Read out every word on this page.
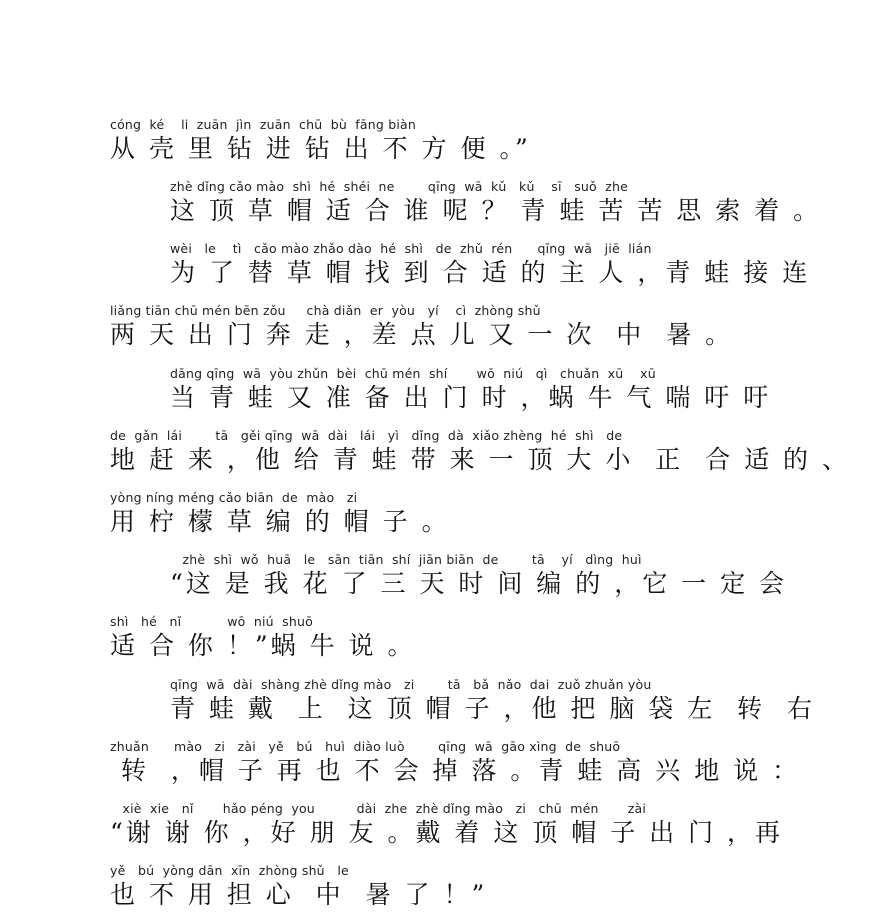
cóng  ké    li  zuān  jìn  zuān  chū  bù  fāng biàn
从 壳 里 钻 进 钻 出 不 方 便 。”
zhè dǐng cǎo mào  shì  hé  shéi  ne        qīng  wā  kǔ   kǔ    sī   suǒ  zhe
这 顶 草 帽 适 合 谁 呢 ？ 青 蛙 苦 苦 思 索 着 。
wèi   le    tì   cǎo mào zhǎo dào  hé  shì   de  zhǔ  rén      qīng  wā   jiē  lián
为 了 替 草 帽 找 到 合 适 的 主 人 ，青 蛙 接 连
liǎng tiān chū mén bēn zǒu     chà diǎn  er  yòu   yí    cì  zhòng shǔ
两 天 出 门 奔 走 ，差 点 儿 又 一 次  中  暑 。
dāng qīng  wā  yòu zhǔn  bèi  chū mén  shí       wō  niú   qì   chuǎn  xū    xū
当 青 蛙 又 准 备 出 门 时 ，蜗 牛 气 喘 吁 吁
de  gǎn  lái        tā   gěi qīng  wā  dài   lái   yì   dǐng  dà  xiǎo zhèng  hé  shì   de
地 赶 来 ，他 给 青 蛙 带 来 一 顶 大 小  正  合 适 的 、
yòng níng méng cǎo biān  de  mào   zi
用 柠 檬 草 编 的 帽 子 。
zhè  shì  wǒ  huā   le   sān  tiān  shí  jiān biān  de        tā    yí   dìng  huì
“这 是 我 花 了 三 天 时 间 编 的 ，它 一 定 会
shì   hé   nǐ           wō  niú  shuō
适 合 你 ！”蜗 牛 说 。
qīng  wā  dài  shàng zhè dǐng mào   zi        tā   bǎ  nǎo  dai  zuǒ zhuǎn yòu
青 蛙 戴  上  这 顶 帽 子 ，他 把 脑 袋 左  转  右
zhuǎn      mào   zi   zài   yě   bú   huì  diào luò        qīng  wā  gāo xìng  de  shuō
转  ，帽 子 再 也 不 会 掉 落 。青 蛙 高 兴 地 说 ：
xiè  xie   nǐ       hǎo péng  you          dài  zhe  zhè dǐng mào   zi   chū  mén       zài
“谢 谢 你 ，好 朋 友 。戴 着 这 顶 帽 子 出 门 ，再
yě   bú  yòng dān  xīn  zhòng shǔ   le
也 不 用 担 心  中  暑 了 ！”
